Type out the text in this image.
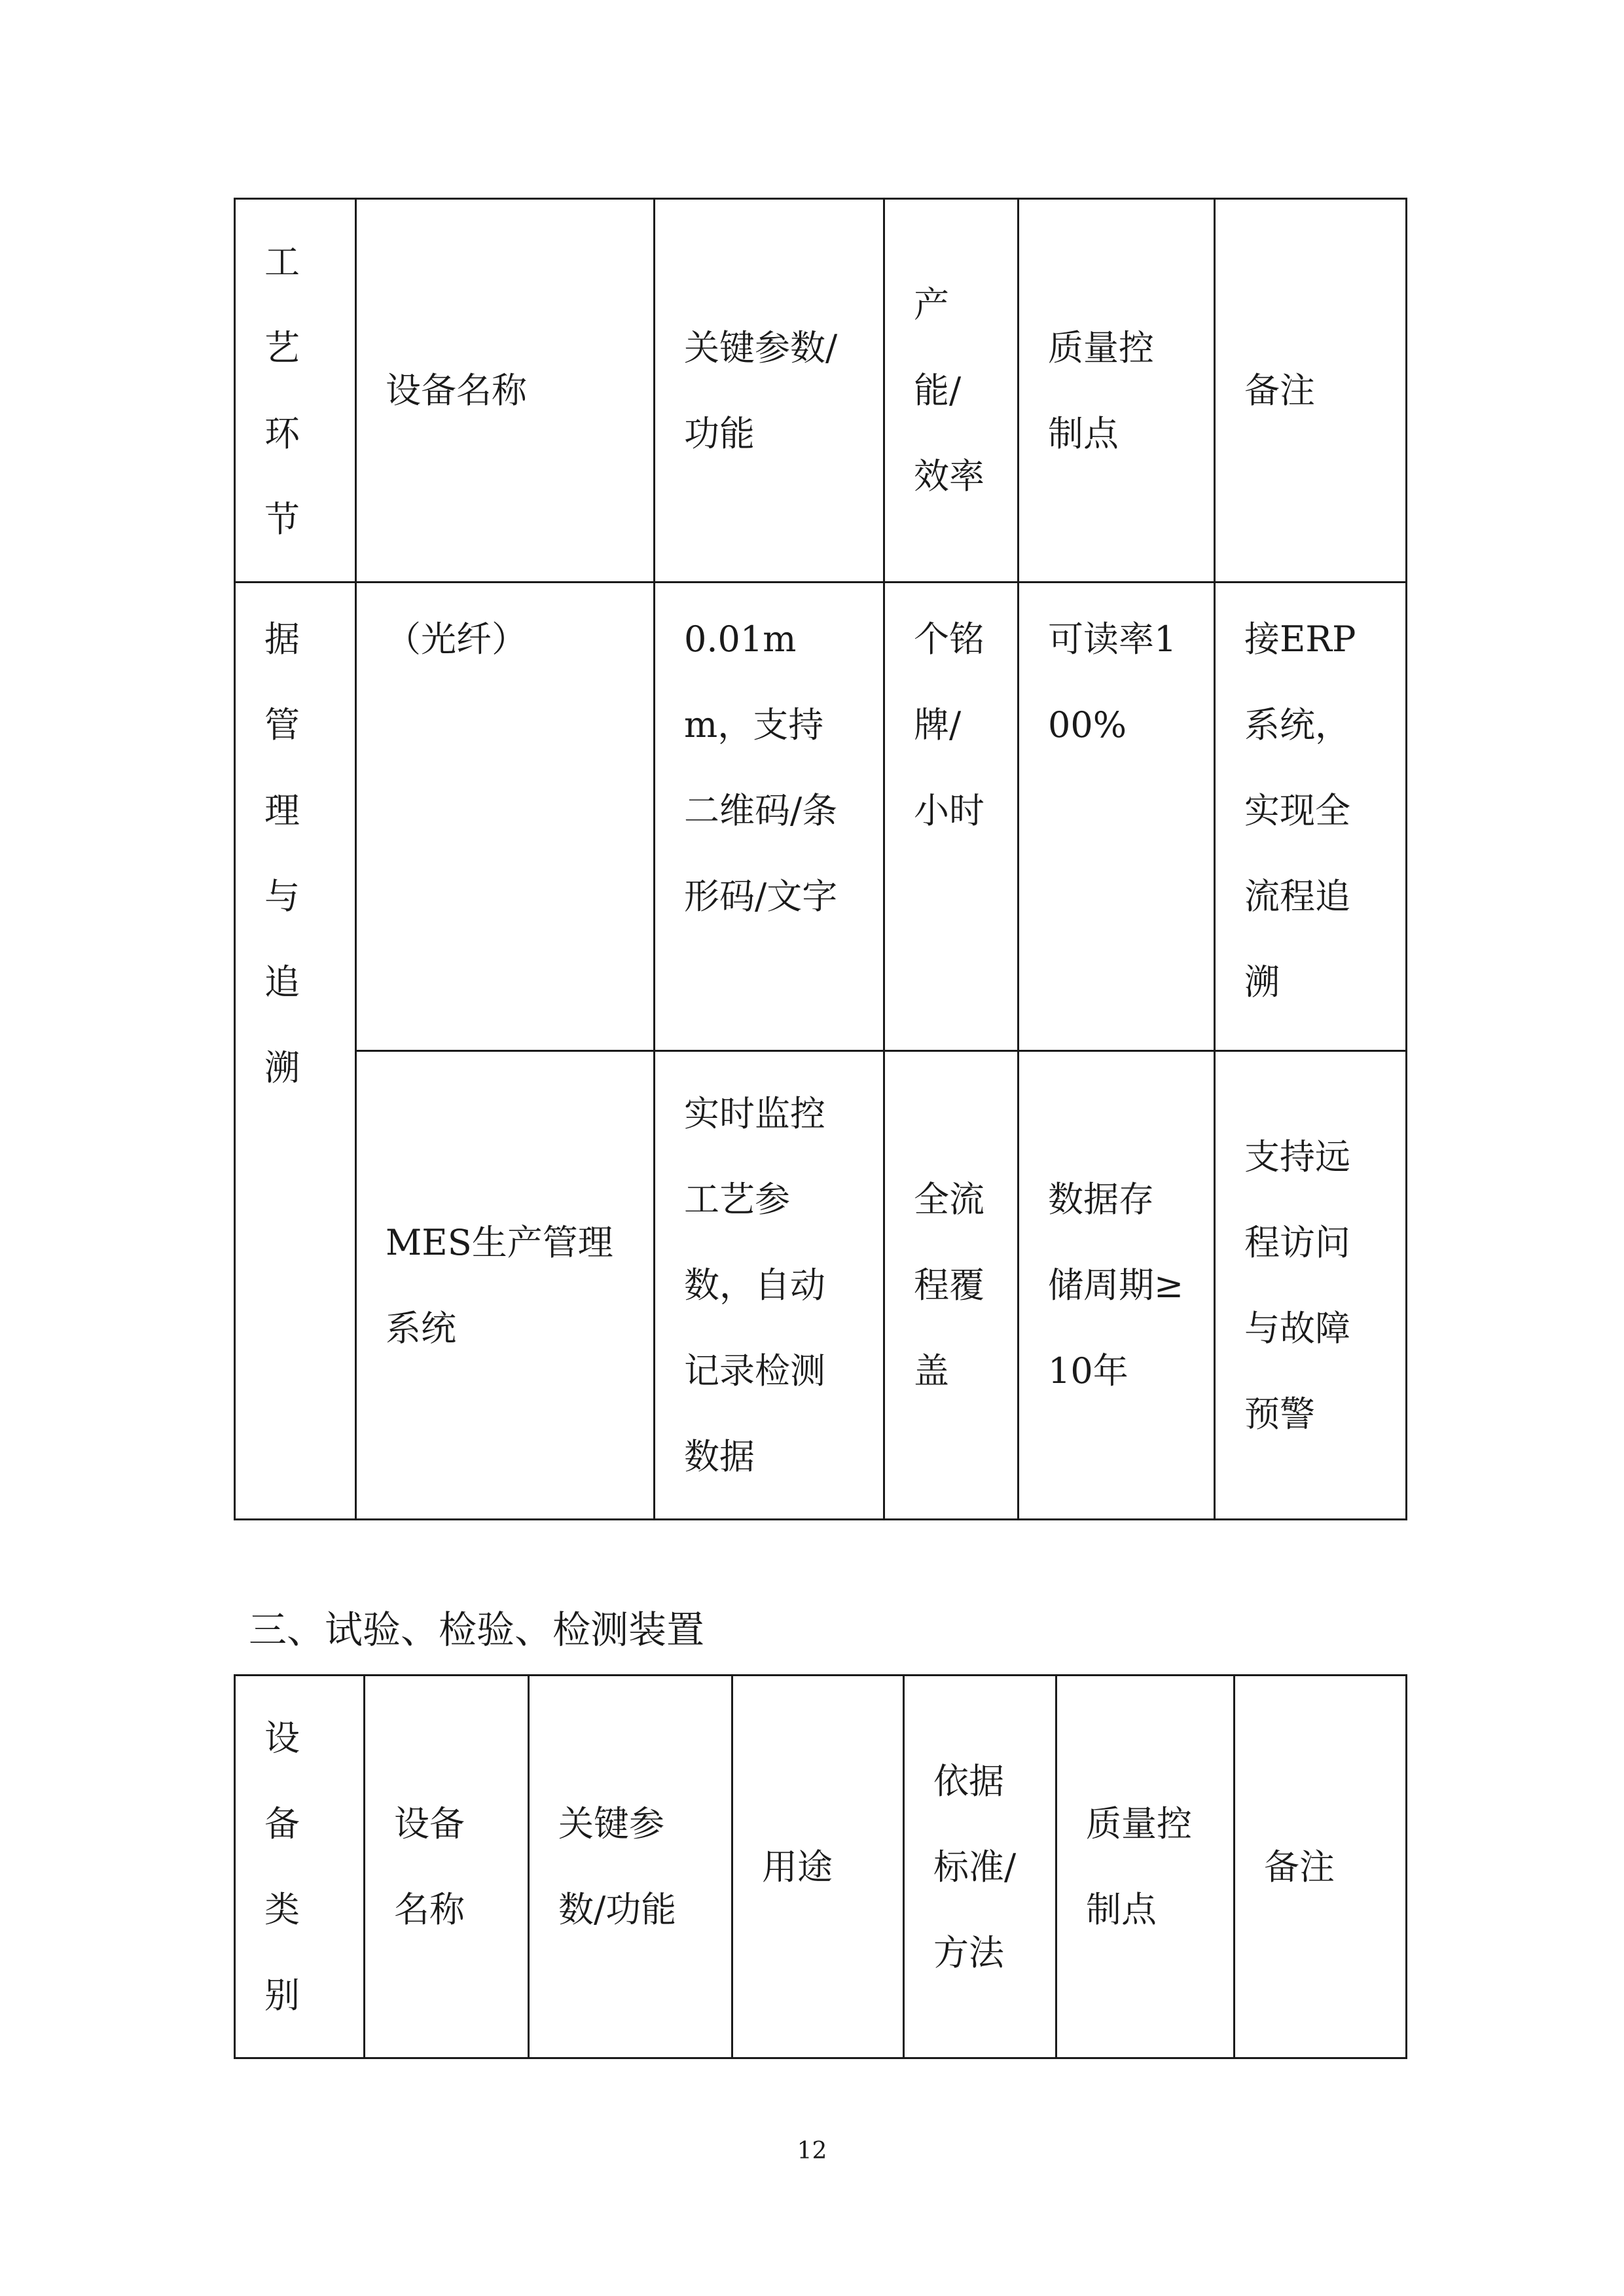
工艺环节	设备名称	关键参数/功能	产能/效率	质量控制点	备注
据管理与追溯	（光纤）	0.01mm，支持二维码/条形码/文字	个铭牌/小时	可读率100%	接ERP系统，实现全流程追溯
	MES生产管理系统	实时监控工艺参数，自动记录检测数据	全流程覆盖	数据存储周期≥10年	支持远程访问与故障预警
三、试验、检验、检测装置
设备类别	设备名称	关键参数/功能	用途	依据标准/方法	质量控制点	备注
12
